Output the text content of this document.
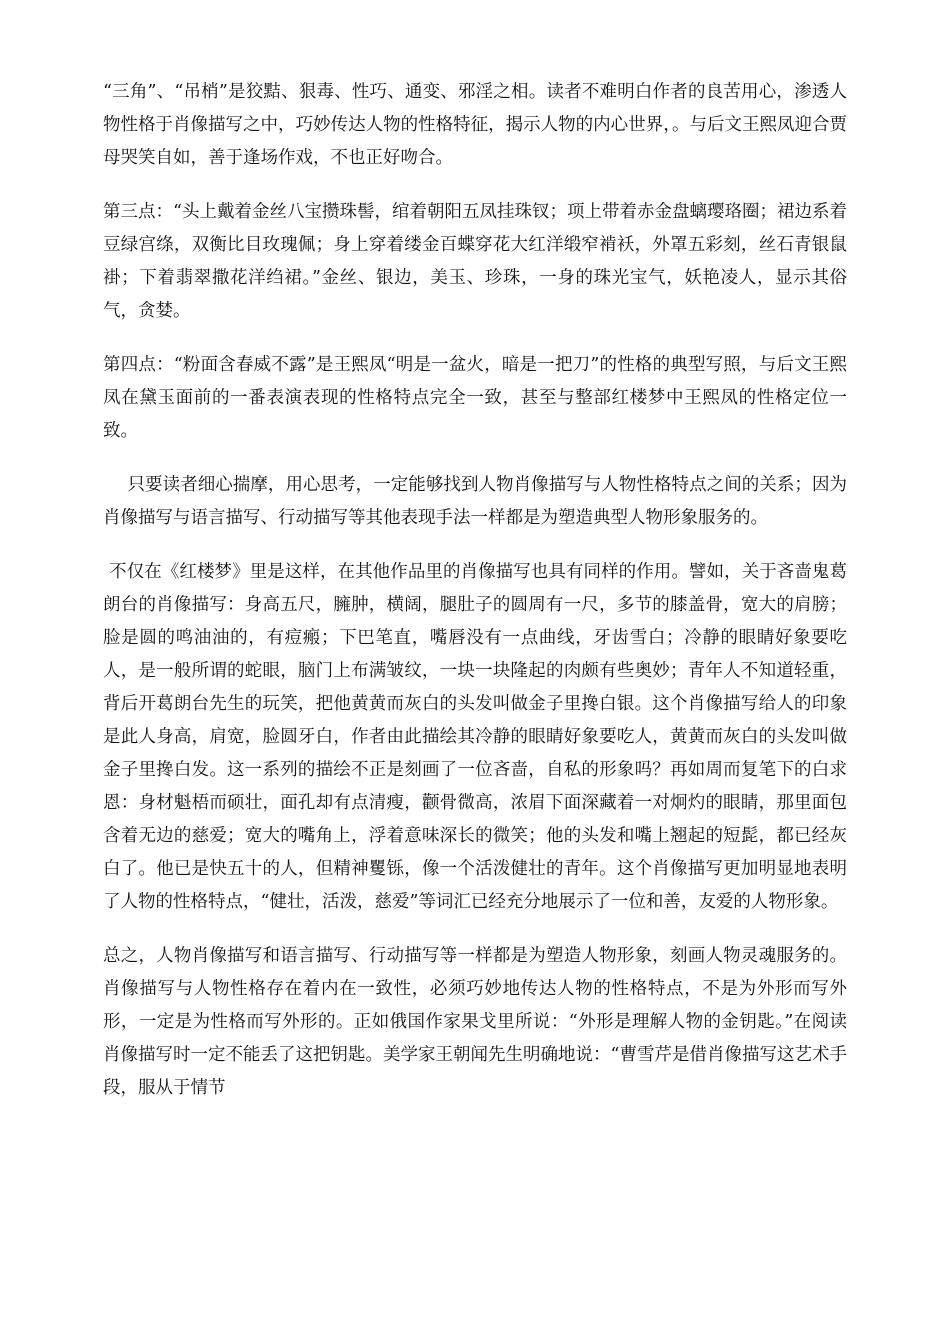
“三角”、“吊梢”是狡黠、狠毒、性巧、通变、邪淫之相。读者不难明白作者的良苦用心，渗透人物性格于肖像描写之中，巧妙传达人物的性格特征，揭示人物的内心世界，。与后文王熙凤迎合贾母哭笑自如，善于逢场作戏，不也正好吻合。

第三点：“头上戴着金丝八宝攒珠髻，绾着朝阳五凤挂珠钗；项上带着赤金盘螭璎珞圈；裙边系着豆绿宫绦，双衡比目玫瑰佩；身上穿着缕金百蝶穿花大红洋缎窄褃袄，外罩五彩刻，丝石青银鼠褂；下着翡翠撒花洋绉裙。”金丝、银边，美玉、珍珠，一身的珠光宝气，妖艳凌人，显示其俗气，贪婪。

第四点：“粉面含春威不露”是王熙凤“明是一盆火，暗是一把刀”的性格的典型写照，与后文王熙凤在黛玉面前的一番表演表现的性格特点完全一致，甚至与整部红楼梦中王熙凤的性格定位一致。

只要读者细心揣摩，用心思考，一定能够找到人物肖像描写与人物性格特点之间的关系；因为肖像描写与语言描写、行动描写等其他表现手法一样都是为塑造典型人物形象服务的。

不仅在《红楼梦》里是这样，在其他作品里的肖像描写也具有同样的作用。譬如，关于吝啬鬼葛朗台的肖像描写：身高五尺，臃肿，横阔，腿肚子的圆周有一尺，多节的膝盖骨，宽大的肩膀；脸是圆的鸣油油的，有痘瘢；下巴笔直，嘴唇没有一点曲线，牙齿雪白；冷静的眼睛好象要吃人，是一般所谓的蛇眼，脑门上布满皱纹，一块一块隆起的肉颇有些奥妙；青年人不知道轻重，背后开葛朗台先生的玩笑，把他黄黄而灰白的头发叫做金子里搀白银。这个肖像描写给人的印象是此人身高，肩宽，脸圆牙白，作者由此描绘其冷静的眼睛好象要吃人，黄黄而灰白的头发叫做金子里搀白发。这一系列的描绘不正是刻画了一位吝啬，自私的形象吗？再如周而复笔下的白求恩：身材魁梧而硕壮，面孔却有点清瘦，颧骨微高，浓眉下面深藏着一对炯灼的眼睛，那里面包含着无边的慈爱；宽大的嘴角上，浮着意味深长的微笑；他的头发和嘴上翘起的短髭，都已经灰白了。他已是快五十的人，但精神矍铄，像一个活泼健壮的青年。这个肖像描写更加明显地表明了人物的性格特点，“健壮，活泼，慈爱”等词汇已经充分地展示了一位和善，友爱的人物形象。

总之，人物肖像描写和语言描写、行动描写等一样都是为塑造人物形象，刻画人物灵魂服务的。肖像描写与人物性格存在着内在一致性，必须巧妙地传达人物的性格特点，不是为外形而写外形，一定是为性格而写外形的。正如俄国作家果戈里所说：“外形是理解人物的金钥匙。”在阅读肖像描写时一定不能丢了这把钥匙。美学家王朝闻先生明确地说：“曹雪芹是借肖像描写这艺术手段，服从于情节
